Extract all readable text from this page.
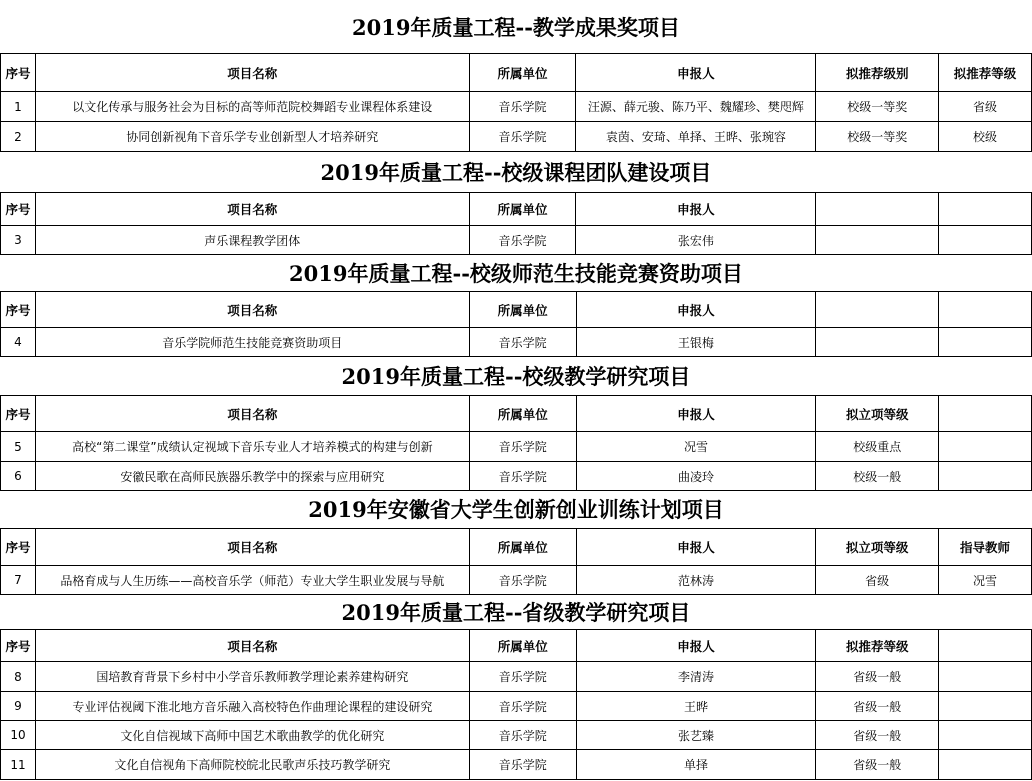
2019年质量工程--教学成果奖项目
序号	项目名称	所属单位	申报人	拟推荐级别	拟推荐等级
1	以文化传承与服务社会为目标的高等师范院校舞蹈专业课程体系建设	音乐学院	汪源、薛元骏、陈乃平、魏耀珍、樊咫辉	校级一等奖	省级
2	协同创新视角下音乐学专业创新型人才培养研究	音乐学院	袁茵、安琦、单择、王晔、张琬容	校级一等奖	校级
2019年质量工程--校级课程团队建设项目
序号	项目名称	所属单位	申报人		
3	声乐课程教学团体	音乐学院	张宏伟		
2019年质量工程--校级师范生技能竞赛资助项目
序号	项目名称	所属单位	申报人		
4	音乐学院师范生技能竞赛资助项目	音乐学院	王银梅		
2019年质量工程--校级教学研究项目
序号	项目名称	所属单位	申报人	拟立项等级	
5	高校“第二课堂”成绩认定视域下音乐专业人才培养模式的构建与创新	音乐学院	况雪	校级重点	
6	安徽民歌在高师民族器乐教学中的探索与应用研究	音乐学院	曲凌玲	校级一般	
2019年安徽省大学生创新创业训练计划项目
序号	项目名称	所属单位	申报人	拟立项等级	指导教师
7	品格育成与人生历练——高校音乐学（师范）专业大学生职业发展与导航	音乐学院	范林涛	省级	况雪
2019年质量工程--省级教学研究项目
序号	项目名称	所属单位	申报人	拟推荐等级	
8	国培教育背景下乡村中小学音乐教师教学理论素养建构研究	音乐学院	李清涛	省级一般	
9	专业评估视阈下淮北地方音乐融入高校特色作曲理论课程的建设研究	音乐学院	王晔	省级一般	
10	文化自信视域下高师中国艺术歌曲教学的优化研究	音乐学院	张艺臻	省级一般	
11	文化自信视角下高师院校皖北民歌声乐技巧教学研究	音乐学院	单择	省级一般	
